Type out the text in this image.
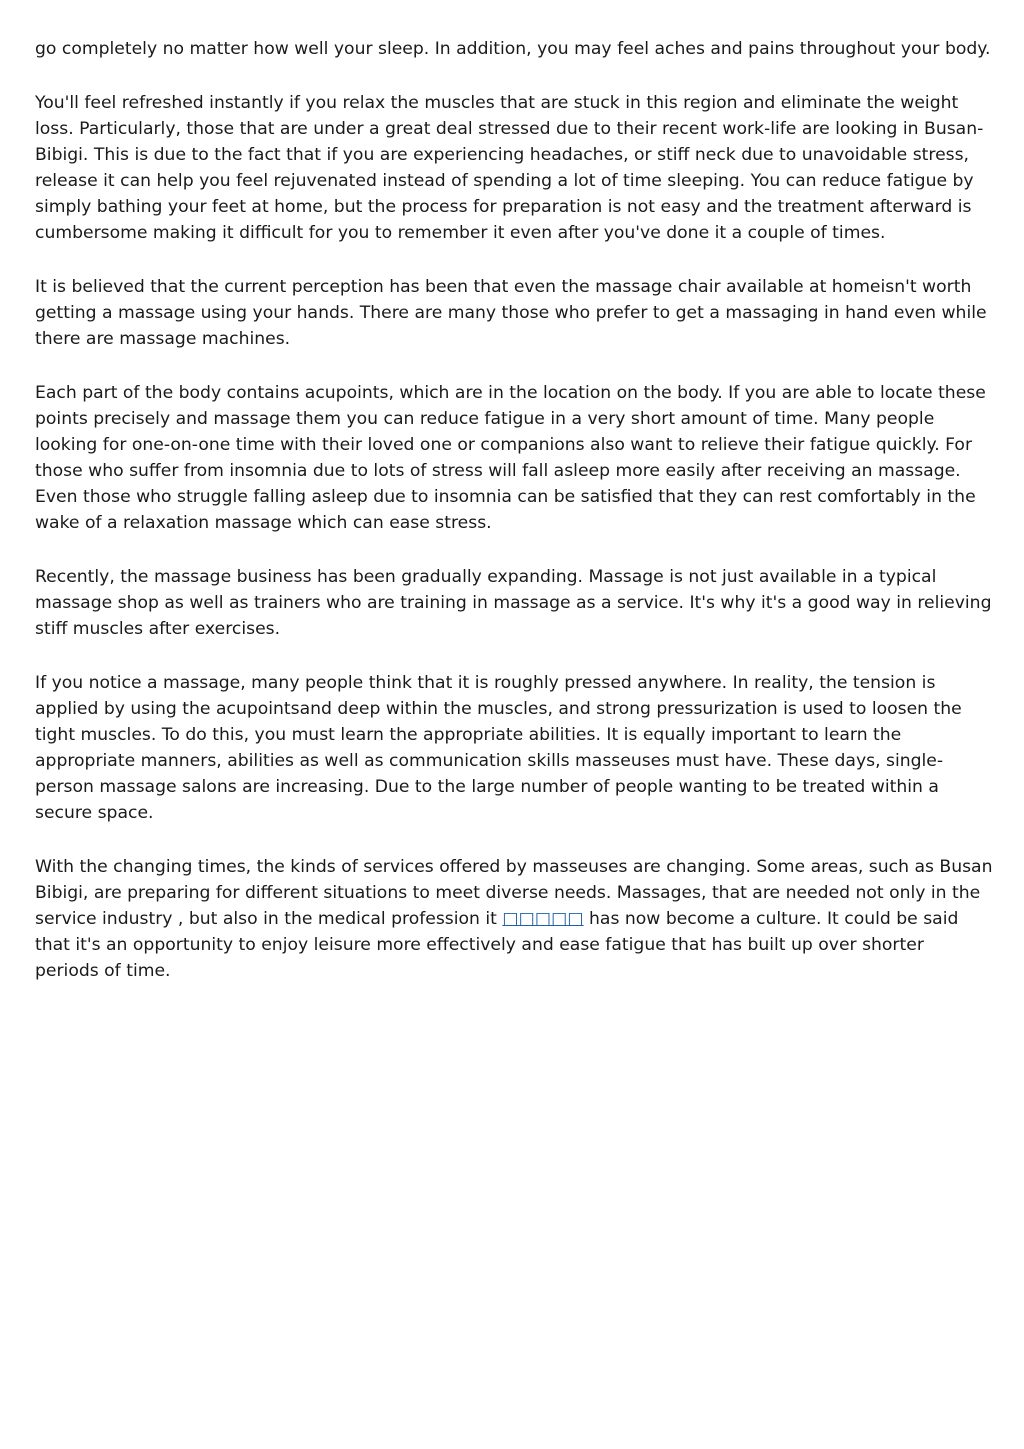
go completely no matter how well your sleep. In addition, you may feel aches and pains throughout your body.

You'll feel refreshed instantly if you relax the muscles that are stuck in this region and eliminate the weight loss. Particularly, those that are under a great deal stressed due to their recent work-life are looking in Busan-Bibigi. This is due to the fact that if you are experiencing headaches, or stiff neck due to unavoidable stress, release it can help you feel rejuvenated instead of spending a lot of time sleeping. You can reduce fatigue by simply bathing your feet at home, but the process for preparation is not easy and the treatment afterward is cumbersome making it difficult for you to remember it even after you've done it a couple of times.

It is believed that the current perception has been that even the massage chair available at homeisn't worth getting a massage using your hands. There are many those who prefer to get a massaging in hand even while there are massage machines.

Each part of the body contains acupoints, which are in the location on the body. If you are able to locate these points precisely and massage them you can reduce fatigue in a very short amount of time. Many people looking for one-on-one time with their loved one or companions also want to relieve their fatigue quickly. For those who suffer from insomnia due to lots of stress will fall asleep more easily after receiving an massage. Even those who struggle falling asleep due to insomnia can be satisfied that they can rest comfortably in the wake of a relaxation massage which can ease stress.

Recently, the massage business has been gradually expanding. Massage is not just available in a typical massage shop as well as trainers who are training in massage as a service. It's why it's a good way in relieving stiff muscles after exercises.

If you notice a massage, many people think that it is roughly pressed anywhere. In reality, the tension is applied by using the acupointsand deep within the muscles, and strong pressurization is used to loosen the tight muscles. To do this, you must learn the appropriate abilities. It is equally important to learn the appropriate manners, abilities as well as communication skills masseuses must have. These days, single-person massage salons are increasing. Due to the large number of people wanting to be treated within a secure space.

With the changing times, the kinds of services offered by masseuses are changing. Some areas, such as Busan Bibigi, are preparing for different situations to meet diverse needs. Massages, that are needed not only in the service industry , but also in the medical profession it □□□□□ has now become a culture. It could be said that it's an opportunity to enjoy leisure more effectively and ease fatigue that has built up over shorter periods of time.
